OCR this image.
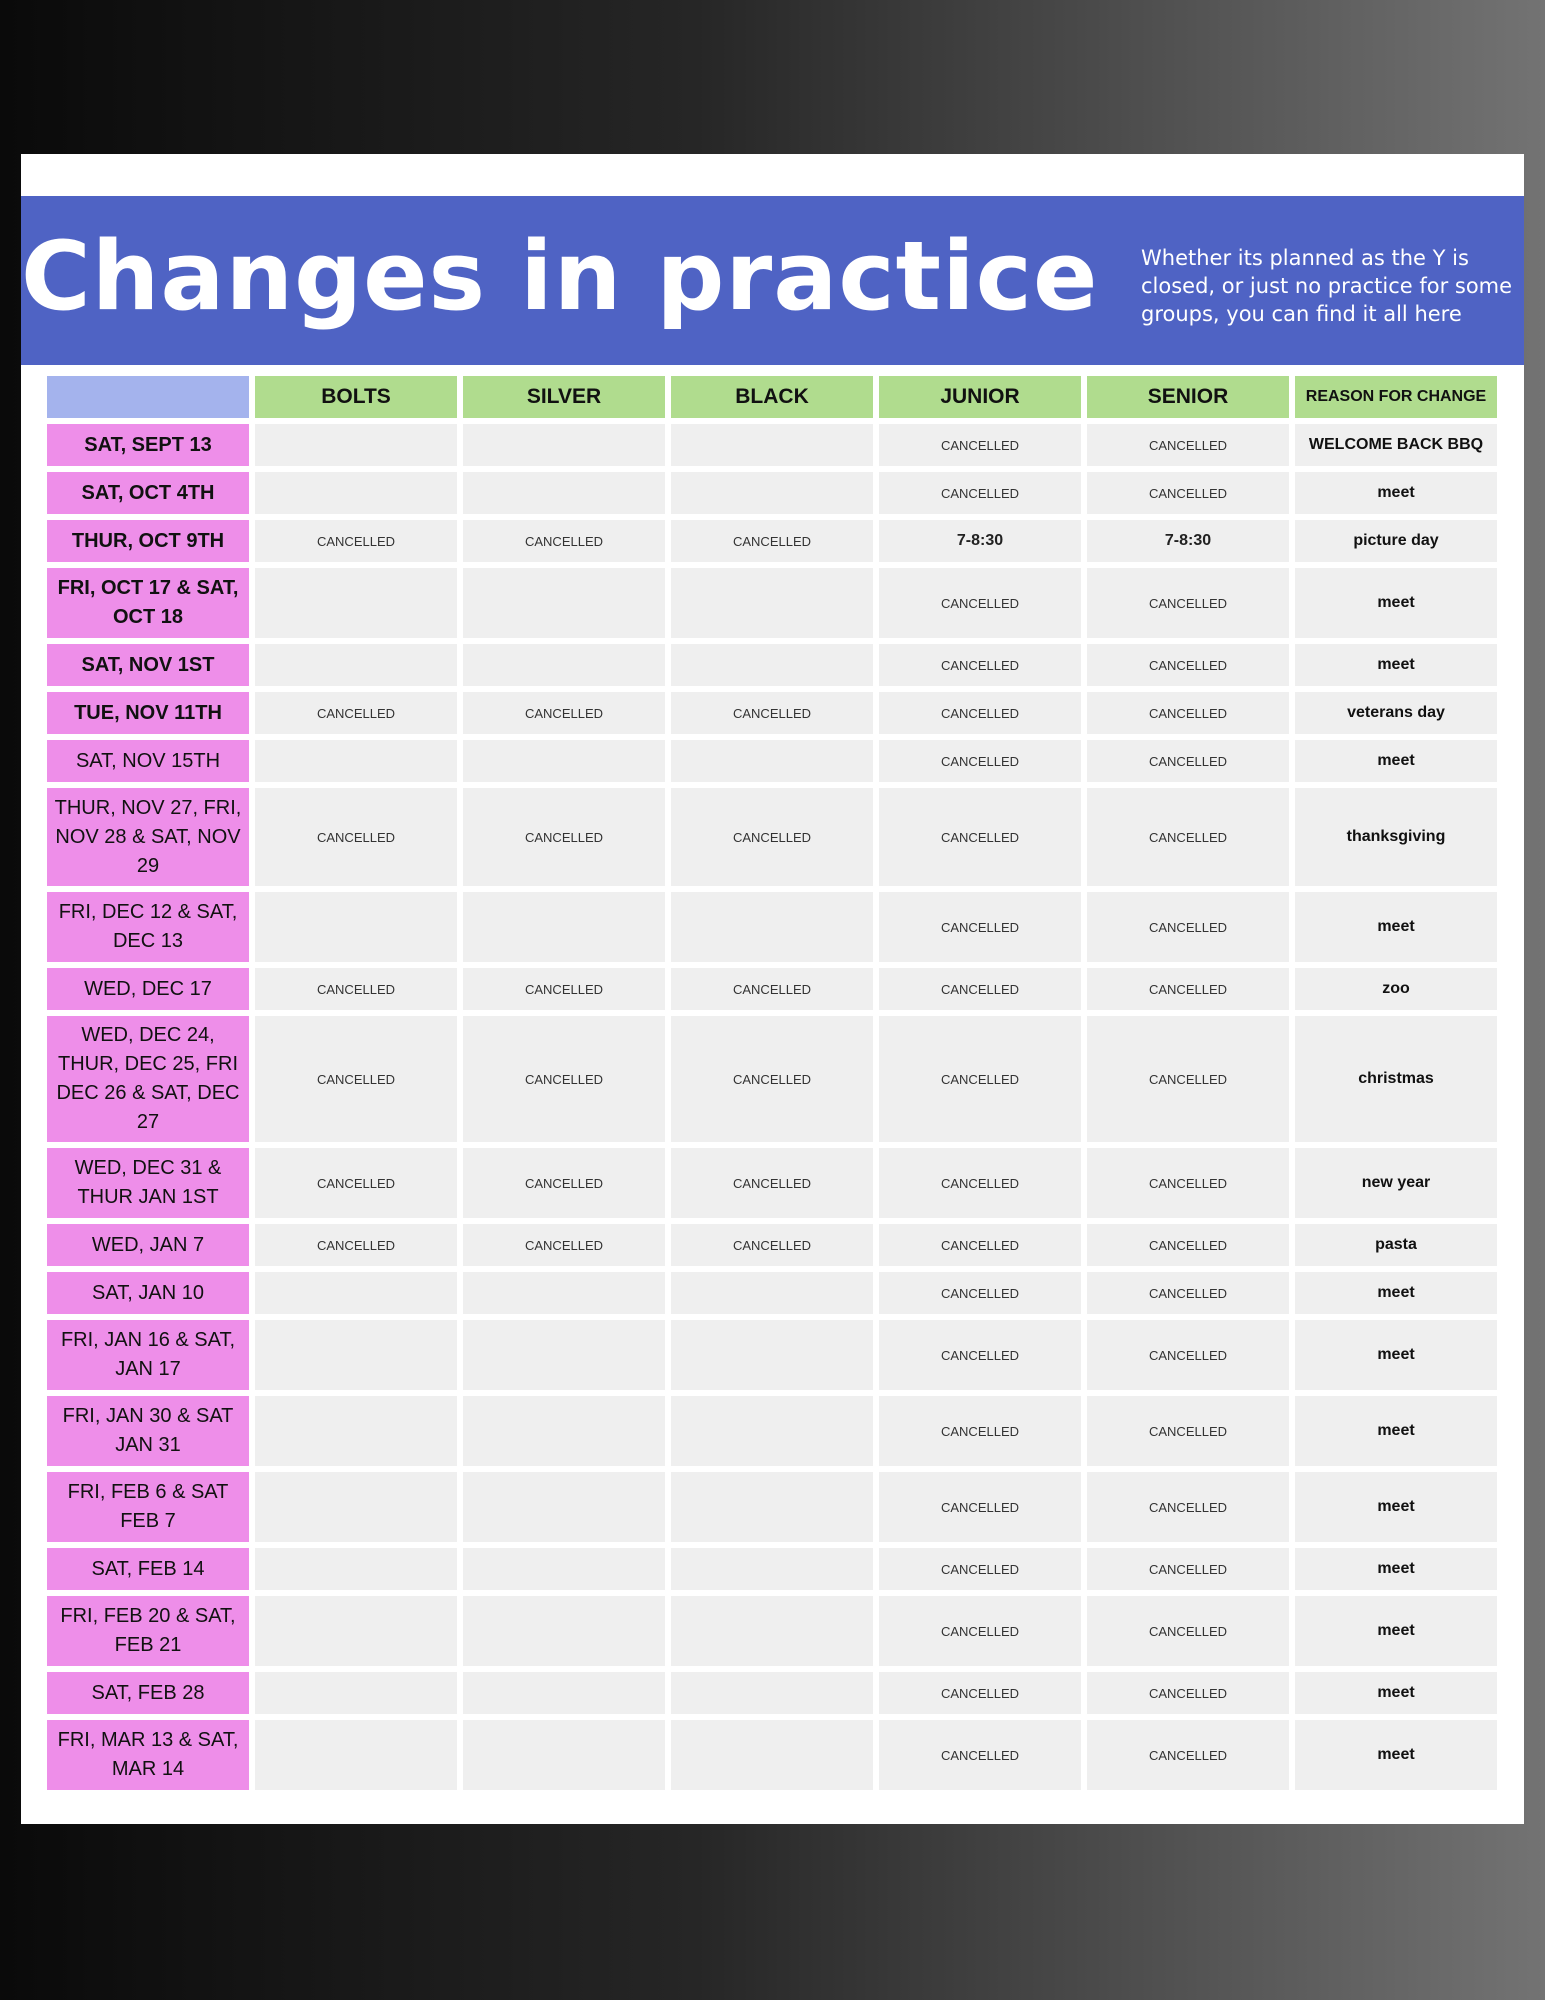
Changes in practice Whether its planned as the Y is closed, or just no practice for some groups, you can find it all here

	BOLTS	SILVER	BLACK	JUNIOR	SENIOR	REASON FOR CHANGE
SAT, SEPT 13				CANCELLED	CANCELLED	WELCOME BACK BBQ
SAT, OCT 4TH				CANCELLED	CANCELLED	meet
THUR, OCT 9TH	CANCELLED	CANCELLED	CANCELLED	7-8:30	7-8:30	picture day
FRI, OCT 17 & SAT, OCT 18				CANCELLED	CANCELLED	meet
SAT, NOV 1ST				CANCELLED	CANCELLED	meet
TUE, NOV 11TH	CANCELLED	CANCELLED	CANCELLED	CANCELLED	CANCELLED	veterans day
SAT, NOV 15TH				CANCELLED	CANCELLED	meet
THUR, NOV 27, FRI, NOV 28 & SAT, NOV 29	CANCELLED	CANCELLED	CANCELLED	CANCELLED	CANCELLED	thanksgiving
FRI, DEC 12 & SAT, DEC 13				CANCELLED	CANCELLED	meet
WED, DEC 17	CANCELLED	CANCELLED	CANCELLED	CANCELLED	CANCELLED	zoo
WED, DEC 24, THUR, DEC 25, FRI DEC 26 & SAT, DEC 27	CANCELLED	CANCELLED	CANCELLED	CANCELLED	CANCELLED	christmas
WED, DEC 31 & THUR JAN 1ST	CANCELLED	CANCELLED	CANCELLED	CANCELLED	CANCELLED	new year
WED, JAN 7	CANCELLED	CANCELLED	CANCELLED	CANCELLED	CANCELLED	pasta
SAT, JAN 10				CANCELLED	CANCELLED	meet
FRI, JAN 16 & SAT, JAN 17				CANCELLED	CANCELLED	meet
FRI, JAN 30 & SAT JAN 31				CANCELLED	CANCELLED	meet
FRI, FEB 6 & SAT FEB 7				CANCELLED	CANCELLED	meet
SAT, FEB 14				CANCELLED	CANCELLED	meet
FRI, FEB 20 & SAT, FEB 21				CANCELLED	CANCELLED	meet
SAT, FEB 28				CANCELLED	CANCELLED	meet
FRI, MAR 13 & SAT, MAR 14				CANCELLED	CANCELLED	meet
